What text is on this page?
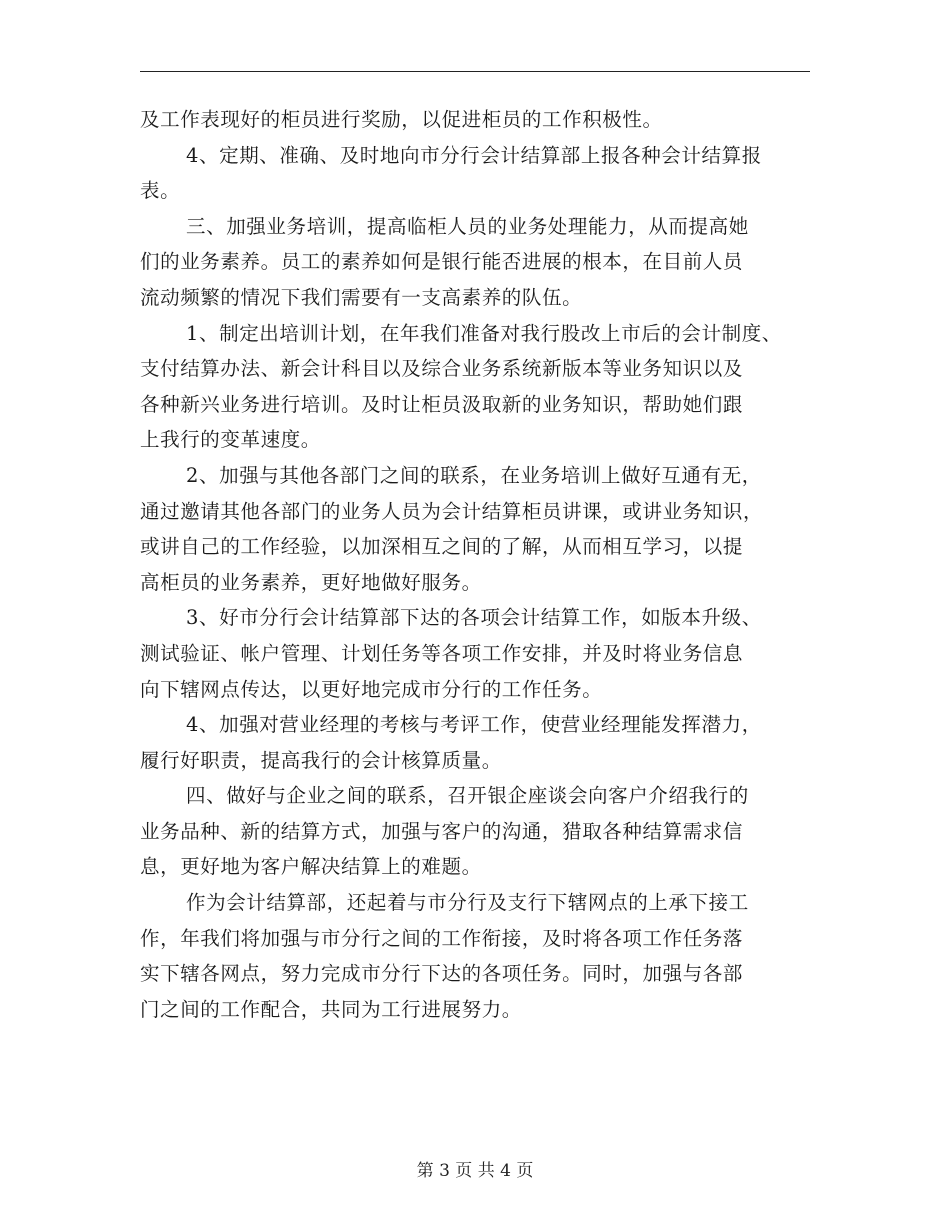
及工作表现好的柜员进行奖励，以促进柜员的工作积极性。
4、定期、准确、及时地向市分行会计结算部上报各种会计结算报
表。
三、加强业务培训，提高临柜人员的业务处理能力，从而提高她
们的业务素养。员工的素养如何是银行能否进展的根本，在目前人员
流动频繁的情况下我们需要有一支高素养的队伍。
1、制定出培训计划，在年我们准备对我行股改上市后的会计制度、
支付结算办法、新会计科目以及综合业务系统新版本等业务知识以及
各种新兴业务进行培训。及时让柜员汲取新的业务知识，帮助她们跟
上我行的变革速度。
2、加强与其他各部门之间的联系，在业务培训上做好互通有无，
通过邀请其他各部门的业务人员为会计结算柜员讲课，或讲业务知识，
或讲自己的工作经验，以加深相互之间的了解，从而相互学习，以提
高柜员的业务素养，更好地做好服务。
3、好市分行会计结算部下达的各项会计结算工作，如版本升级、
测试验证、帐户管理、计划任务等各项工作安排，并及时将业务信息
向下辖网点传达，以更好地完成市分行的工作任务。
4、加强对营业经理的考核与考评工作，使营业经理能发挥潜力，
履行好职责，提高我行的会计核算质量。
四、做好与企业之间的联系，召开银企座谈会向客户介绍我行的
业务品种、新的结算方式，加强与客户的沟通，猎取各种结算需求信
息，更好地为客户解决结算上的难题。
作为会计结算部，还起着与市分行及支行下辖网点的上承下接工
作，年我们将加强与市分行之间的工作衔接，及时将各项工作任务落
实下辖各网点，努力完成市分行下达的各项任务。同时，加强与各部
门之间的工作配合，共同为工行进展努力。
第 3 页 共 4 页
